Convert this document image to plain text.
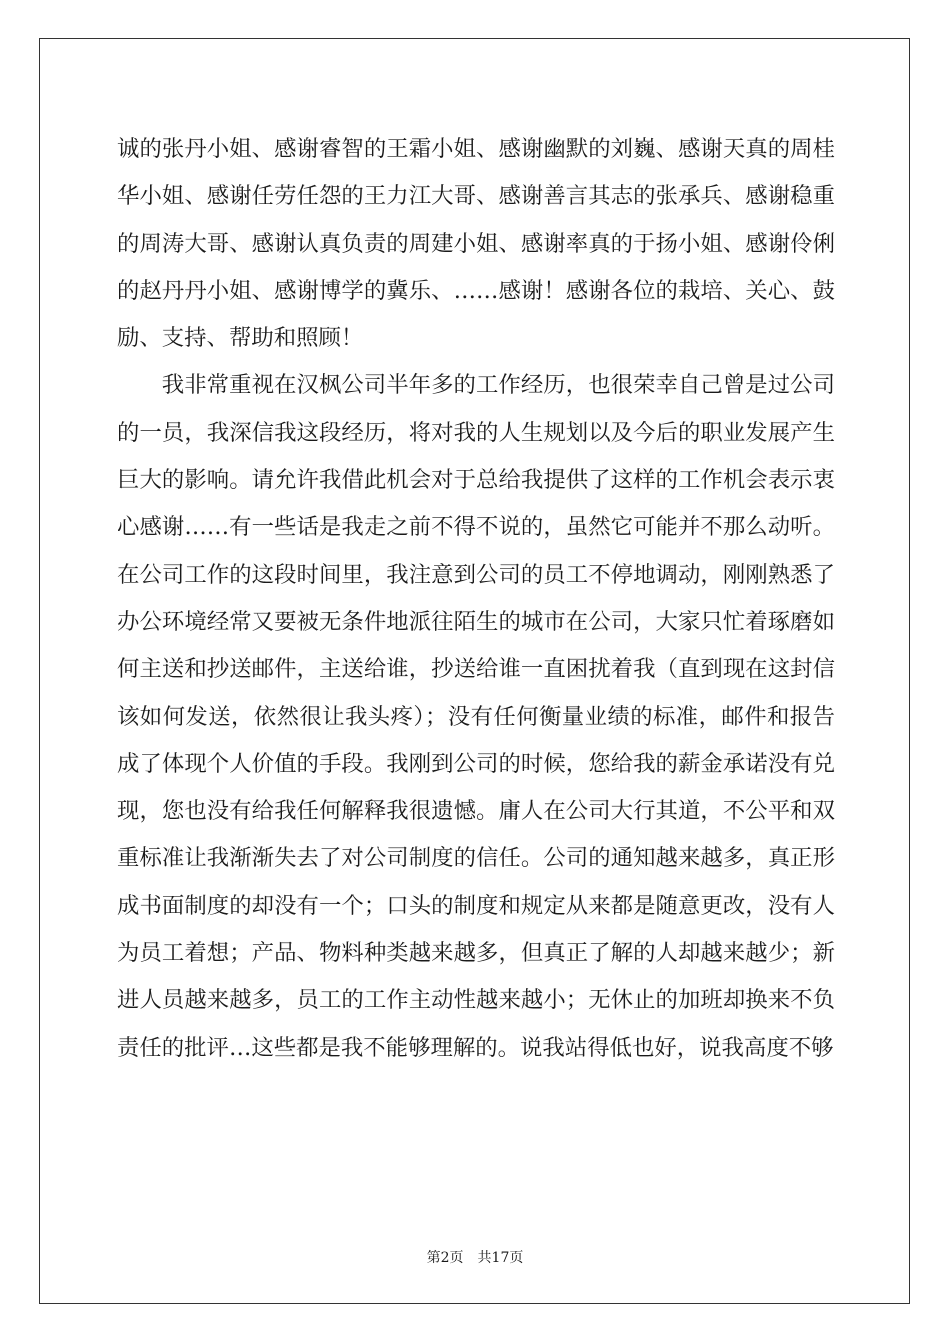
诚的张丹小姐、感谢睿智的王霜小姐、感谢幽默的刘巍、感谢天真的周桂华小姐、感谢任劳任怨的王力江大哥、感谢善言其志的张承兵、感谢稳重的周涛大哥、感谢认真负责的周建小姐、感谢率真的于扬小姐、感谢伶俐的赵丹丹小姐、感谢博学的冀乐、……感谢！感谢各位的栽培、关心、鼓励、支持、帮助和照顾！

我非常重视在汉枫公司半年多的工作经历，也很荣幸自己曾是过公司的一员，我深信我这段经历，将对我的人生规划以及今后的职业发展产生巨大的影响。请允许我借此机会对于总给我提供了这样的工作机会表示衷心感谢……有一些话是我走之前不得不说的，虽然它可能并不那么动听。在公司工作的这段时间里，我注意到公司的员工不停地调动，刚刚熟悉了办公环境经常又要被无条件地派往陌生的城市在公司，大家只忙着琢磨如何主送和抄送邮件，主送给谁，抄送给谁一直困扰着我（直到现在这封信该如何发送，依然很让我头疼）；没有任何衡量业绩的标准，邮件和报告成了体现个人价值的手段。我刚到公司的时候，您给我的薪金承诺没有兑现，您也没有给我任何解释我很遗憾。庸人在公司大行其道，不公平和双重标准让我渐渐失去了对公司制度的信任。公司的通知越来越多，真正形成书面制度的却没有一个；口头的制度和规定从来都是随意更改，没有人为员工着想；产品、物料种类越来越多，但真正了解的人却越来越少；新进人员越来越多，员工的工作主动性越来越小；无休止的加班却换来不负责任的批评…这些都是我不能够理解的。说我站得低也好，说我高度不够

第2页 共17页
